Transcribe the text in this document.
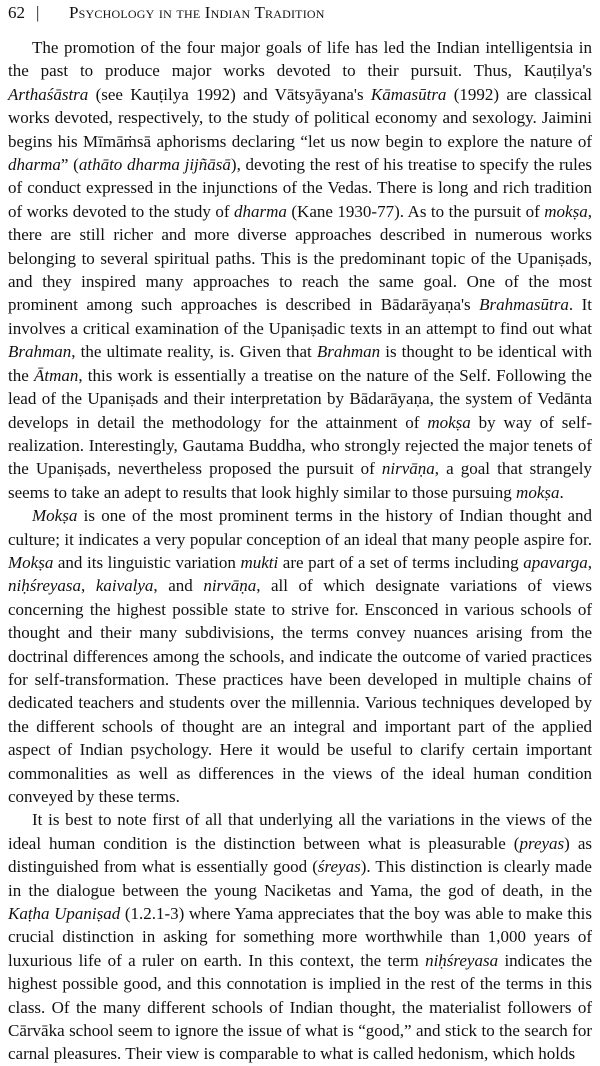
62 | Psychology in the Indian Tradition

The promotion of the four major goals of life has led the Indian intelligentsia in the past to produce major works devoted to their pursuit. Thus, Kauṭilya's Arthaśāstra (see Kauṭilya 1992) and Vātsyāyana's Kāmasūtra (1992) are classical works devoted, respectively, to the study of political economy and sexology. Jaimini begins his Mīmāṁsā aphorisms declaring “let us now begin to explore the nature of dharma” (athāto dharma jijñāsā), devoting the rest of his treatise to specify the rules of conduct expressed in the injunctions of the Vedas. There is long and rich tradition of works devoted to the study of dharma (Kane 1930-77). As to the pursuit of mokṣa, there are still richer and more diverse approaches described in numerous works belonging to several spiritual paths. This is the predominant topic of the Upaniṣads, and they inspired many approaches to reach the same goal. One of the most prominent among such approaches is described in Bādarāyaṇa's Brahmasūtra. It involves a critical examination of the Upaniṣadic texts in an attempt to find out what Brahman, the ultimate reality, is. Given that Brahman is thought to be identical with the Ātman, this work is essentially a treatise on the nature of the Self. Following the lead of the Upaniṣads and their interpretation by Bādarāyaṇa, the system of Vedānta develops in detail the methodology for the attainment of mokṣa by way of self-realization. Interestingly, Gautama Buddha, who strongly rejected the major tenets of the Upaniṣads, nevertheless proposed the pursuit of nirvāṇa, a goal that strangely seems to take an adept to results that look highly similar to those pursuing mokṣa.

Mokṣa is one of the most prominent terms in the history of Indian thought and culture; it indicates a very popular conception of an ideal that many people aspire for. Mokṣa and its linguistic variation mukti are part of a set of terms including apavarga, niḥśreyasa, kaivalya, and nirvāṇa, all of which designate variations of views concerning the highest possible state to strive for. Ensconced in various schools of thought and their many subdivisions, the terms convey nuances arising from the doctrinal differences among the schools, and indicate the outcome of varied practices for self-transformation. These practices have been developed in multiple chains of dedicated teachers and students over the millennia. Various techniques developed by the different schools of thought are an integral and important part of the applied aspect of Indian psychology. Here it would be useful to clarify certain important commonalities as well as differences in the views of the ideal human condition conveyed by these terms.

It is best to note first of all that underlying all the variations in the views of the ideal human condition is the distinction between what is pleasurable (preyas) as distinguished from what is essentially good (śreyas). This distinction is clearly made in the dialogue between the young Naciketas and Yama, the god of death, in the Kaṭha Upaniṣad (1.2.1-3) where Yama appreciates that the boy was able to make this crucial distinction in asking for something more worthwhile than 1,000 years of luxurious life of a ruler on earth. In this context, the term niḥśreyasa indicates the highest possible good, and this connotation is implied in the rest of the terms in this class. Of the many different schools of Indian thought, the materialist followers of Cārvāka school seem to ignore the issue of what is “good,” and stick to the search for carnal pleasures. Their view is comparable to what is called hedonism, which holds
